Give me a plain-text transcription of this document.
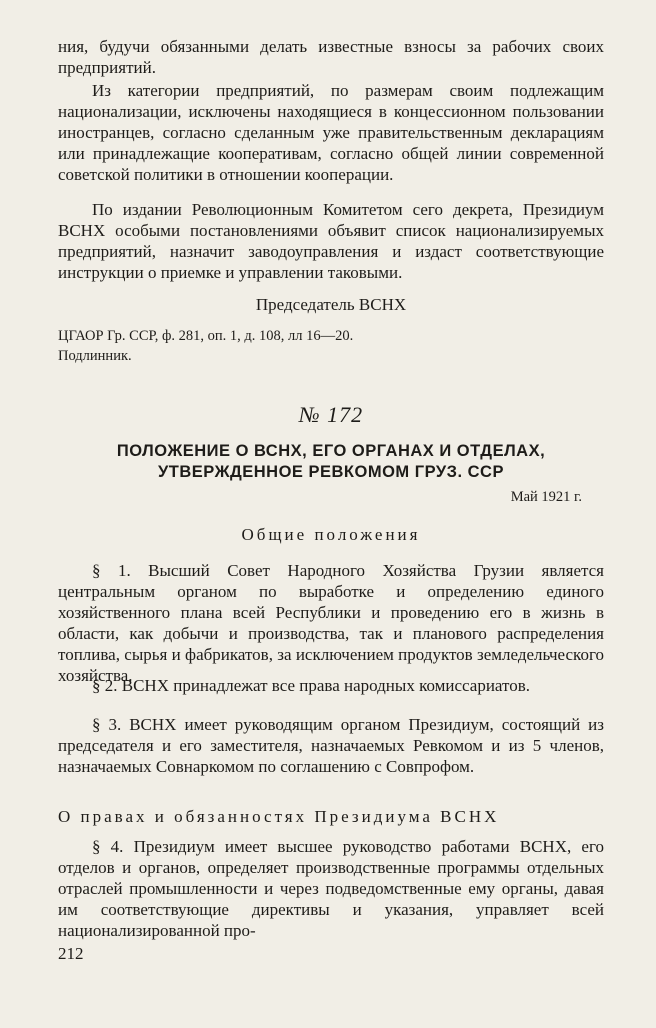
ния, будучи обязанными делать известные взносы за рабочих своих предприятий.

Из категории предприятий, по размерам своим подлежащим национализации, исключены находящиеся в концессионном пользовании иностранцев, согласно сделанным уже правительственным декларациям или принадлежащие кооперативам, согласно общей линии современной советской политики в отношении кооперации.

По издании Революционным Комитетом сего декрета, Президиум ВСНХ особыми постановлениями объявит список национализируемых предприятий, назначит заводоуправления и издаст соответствующие инструкции о приемке и управлении таковыми.

Председатель ВСНХ

ЦГАОР Гр. ССР, ф. 281, оп. 1, д. 108, лл 16—20.

Подлинник.

№ 172

ПОЛОЖЕНИЕ О ВСНХ, ЕГО ОРГАНАХ И ОТДЕЛАХ,

УТВЕРЖДЕННОЕ РЕВКОМОМ ГРУЗ. ССР

Май 1921 г.

Общие положения

§ 1. Высший Совет Народного Хозяйства Грузии является центральным органом по выработке и определению единого хозяйственного плана всей Республики и проведению его в жизнь в области, как добычи и производства, так и планового распределения топлива, сырья и фабрикатов, за исключением продуктов земледельческого хозяйства.

§ 2. ВСНХ принадлежат все права народных комиссариатов.

§ 3. ВСНХ имеет руководящим органом Президиум, состоящий из председателя и его заместителя, назначаемых Ревкомом и из 5 членов, назначаемых Совнаркомом по соглашению с Совпрофом.

О правах и обязанностях Президиума ВСНХ

§ 4. Президиум имеет высшее руководство работами ВСНХ, его отделов и органов, определяет производственные программы отдельных отраслей промышленности и через подведомственные ему органы, давая им соответствующие директивы и указания, управляет всей национализированной про-

212
